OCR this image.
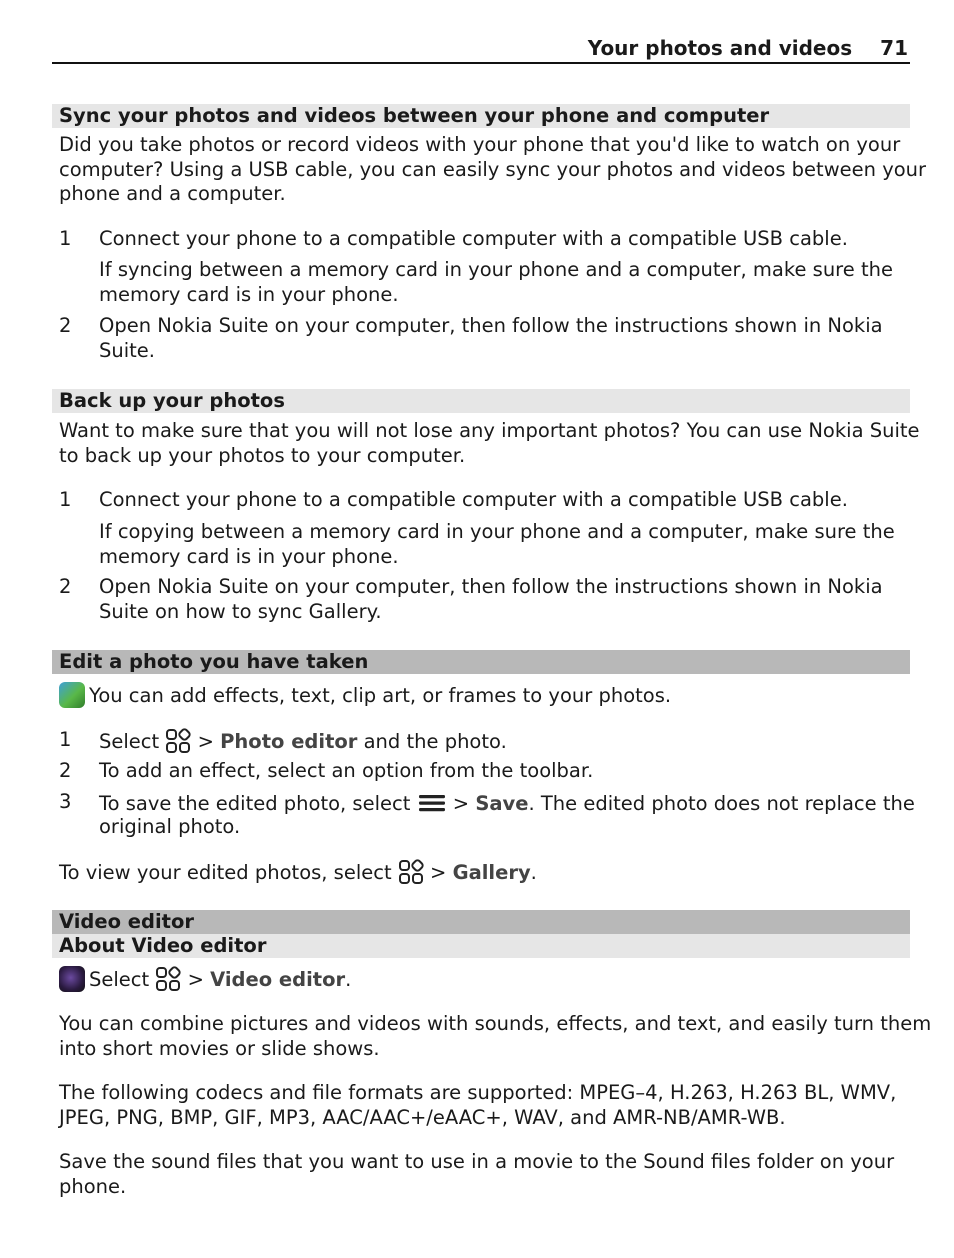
Your photos and videos 71
Sync your photos and videos between your phone and computer
Did you take photos or record videos with your phone that you'd like to watch on your
computer? Using a USB cable, you can easily sync your photos and videos between your
phone and a computer.
1 Connect your phone to a compatible computer with a compatible USB cable.
If syncing between a memory card in your phone and a computer, make sure the
memory card is in your phone.
2 Open Nokia Suite on your computer, then follow the instructions shown in Nokia
Suite.
Back up your photos
Want to make sure that you will not lose any important photos? You can use Nokia Suite
to back up your photos to your computer.
1 Connect your phone to a compatible computer with a compatible USB cable.
If copying between a memory card in your phone and a computer, make sure the
memory card is in your phone.
2 Open Nokia Suite on your computer, then follow the instructions shown in Nokia
Suite on how to sync Gallery.
Edit a photo you have taken
You can add effects, text, clip art, or frames to your photos.
1 Select
> Photo editor and the photo.
2 To add an effect, select an option from the toolbar.
3 To save the edited photo, select
> Save. The edited photo does not replace the
original photo.
To view your edited photos, select
> Gallery.
Video editor
About Video editor
Select
> Video editor.
You can combine pictures and videos with sounds, effects, and text, and easily turn them
into short movies or slide shows.
The following codecs and file formats are supported: MPEG–4, H.263, H.263 BL, WMV,
JPEG, PNG, BMP, GIF, MP3, AAC/AAC+/eAAC+, WAV, and AMR-NB/AMR-WB.
Save the sound files that you want to use in a movie to the Sound files folder on your
phone.
